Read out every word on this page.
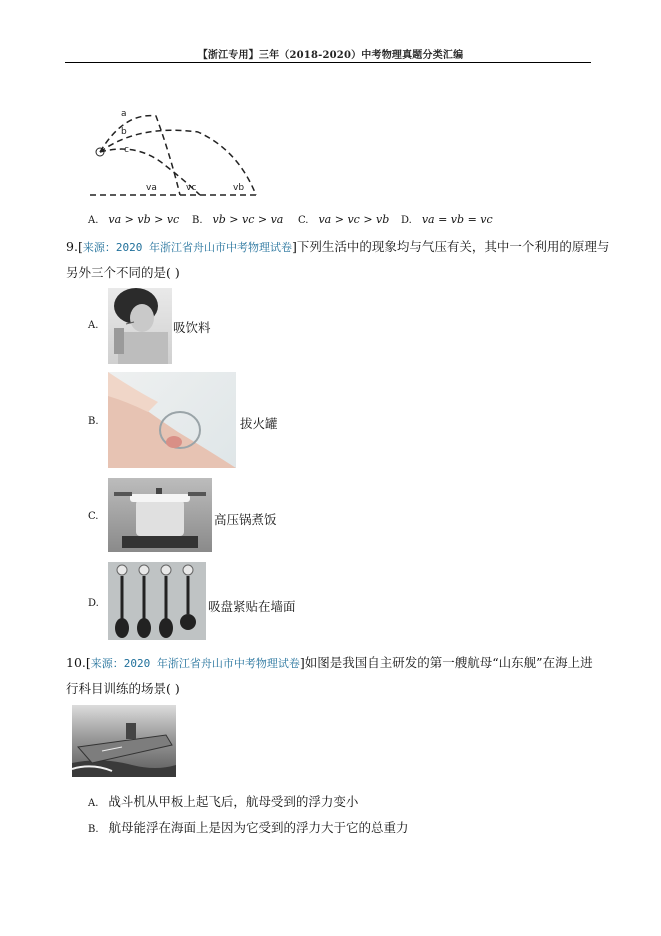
【浙江专用】三年（2018-2020）中考物理真题分类汇编
a
b
c
va	vc	vb
A. va > vb > vc B. vb > vc > va C. va > vc > vb D. va = vb = vc
9.[来源：2020 年浙江省舟山市中考物理试卷]下列生活中的现象均与气压有关，其中一个利用的原理与
另外三个不同的是( )
A.	吸饮料
B.	拔火罐
C.	高压锅煮饭
D.	吸盘紧贴在墙面
10.[来源：2020 年浙江省舟山市中考物理试卷]如图是我国自主研发的第一艘航母“山东舰”在海上进
行科目训练的场景( )
A. 战斗机从甲板上起飞后，航母受到的浮力变小
B. 航母能浮在海面上是因为它受到的浮力大于它的总重力
